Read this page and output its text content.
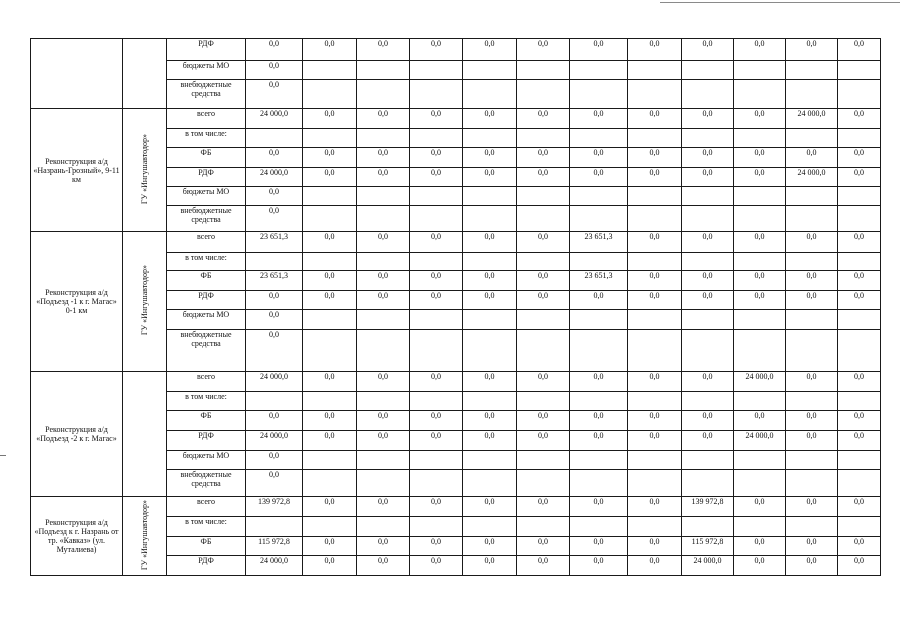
		РДФ	0,0	0,0	0,0	0,0	0,0	0,0	0,0	0,0	0,0	0,0	0,0	0,0
		бюджеты МО	0,0											
		внебюджетные средства	0,0											
Реконструкция а/д «Назрань-Грозный», 9-11 км	ГУ «Ингушавтодор»	всего	24 000,0	0,0	0,0	0,0	0,0	0,0	0,0	0,0	0,0	0,0	24 000,0	0,0
		в том числе:												
		ФБ	0,0	0,0	0,0	0,0	0,0	0,0	0,0	0,0	0,0	0,0	0,0	0,0
		РДФ	24 000,0	0,0	0,0	0,0	0,0	0,0	0,0	0,0	0,0	0,0	24 000,0	0,0
		бюджеты МО	0,0											
		внебюджетные средства	0,0											
Реконструкция а/д «Подъезд -1 к г. Магас» 0-1 км	ГУ «Ингушавтодор»	всего	23 651,3	0,0	0,0	0,0	0,0	0,0	23 651,3	0,0	0,0	0,0	0,0	0,0
		в том числе:												
		ФБ	23 651,3	0,0	0,0	0,0	0,0	0,0	23 651,3	0,0	0,0	0,0	0,0	0,0
		РДФ	0,0	0,0	0,0	0,0	0,0	0,0	0,0	0,0	0,0	0,0	0,0	0,0
		бюджеты МО	0,0											
		внебюджетные средства	0,0											
Реконструкция а/д «Подъезд -2 к г. Магас»		всего	24 000,0	0,0	0,0	0,0	0,0	0,0	0,0	0,0	0,0	24 000,0	0,0	0,0
		в том числе:												
		ФБ	0,0	0,0	0,0	0,0	0,0	0,0	0,0	0,0	0,0	0,0	0,0	0,0
		РДФ	24 000,0	0,0	0,0	0,0	0,0	0,0	0,0	0,0	0,0	24 000,0	0,0	0,0
		бюджеты МО	0,0											
		внебюджетные средства	0,0											
Реконструкция а/д «Подъезд к г. Назрань от тр. «Кавказ» (ул. Муталиева)	ГУ «Ингушавтодор»	всего	139 972,8	0,0	0,0	0,0	0,0	0,0	0,0	0,0	139 972,8	0,0	0,0	0,0
		в том числе:												
		ФБ	115 972,8	0,0	0,0	0,0	0,0	0,0	0,0	0,0	115 972,8	0,0	0,0	0,0
		РДФ	24 000,0	0,0	0,0	0,0	0,0	0,0	0,0	0,0	24 000,0	0,0	0,0	0,0
